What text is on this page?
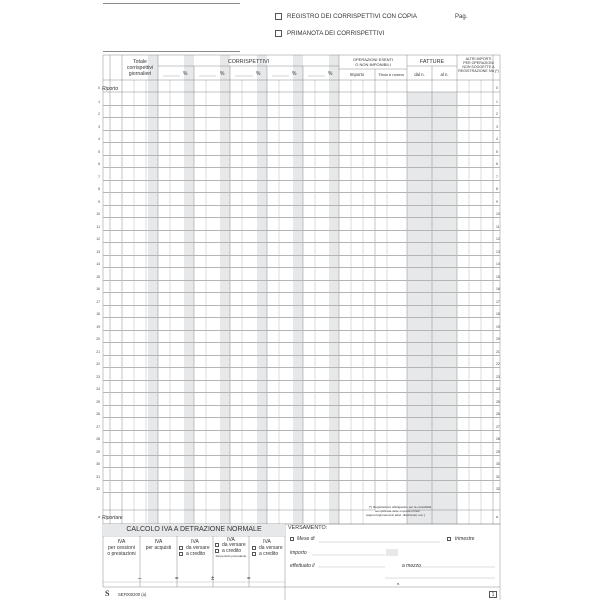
REGISTRO DEI CORRISPETTIVI CON COPIA
PRIMANOTA DEI CORRISPETTIVI
Pag.
Totale
corrispettivi
giornalieri
CORRISPETTIVI
%	%	%	%	%
OPERAZIONI ESENTI
O NON IMPONIBILI
Importo	Titolo e norma
FATTURE
dal n.	al n.
ALTRI IMPORTI
PER OPERAZIONI
NON SOGGETTE A
REGISTRAZIONE IVA (*)
Riporto
0	0
1	1
2	2
3	3
4	4
5	5
6	6
7	7
8	8
9	9
10	10
11	11
12	12
13	13
14	14
15	15
16	16
17	17
18	18
19	19
20	20
21	21
22	22
23	23
24	24
25	25
26	26
27	27
28	28
29	29
30	30
31	31
32	32
Riportare
a	a
(*) Registrazioni obbligatorie per la contabilità
semplificata delle imprese minori
(approvvigionamenti attivi, dilazionati, ecc.)
CALCOLO IVA A DETRAZIONE NORMALE
IVA
per cessioni
o prestazioni
IVA
per acquisti
IVA
da versare
a credito
IVA
da versare
a credito
dal periodo precedente
IVA
da versare
a credito
–	=	±	=
VERSAMENTO:
Mese di	trimestre
importo
effettuato il	a mezzo
n.
S SEF000200 (a)	1
